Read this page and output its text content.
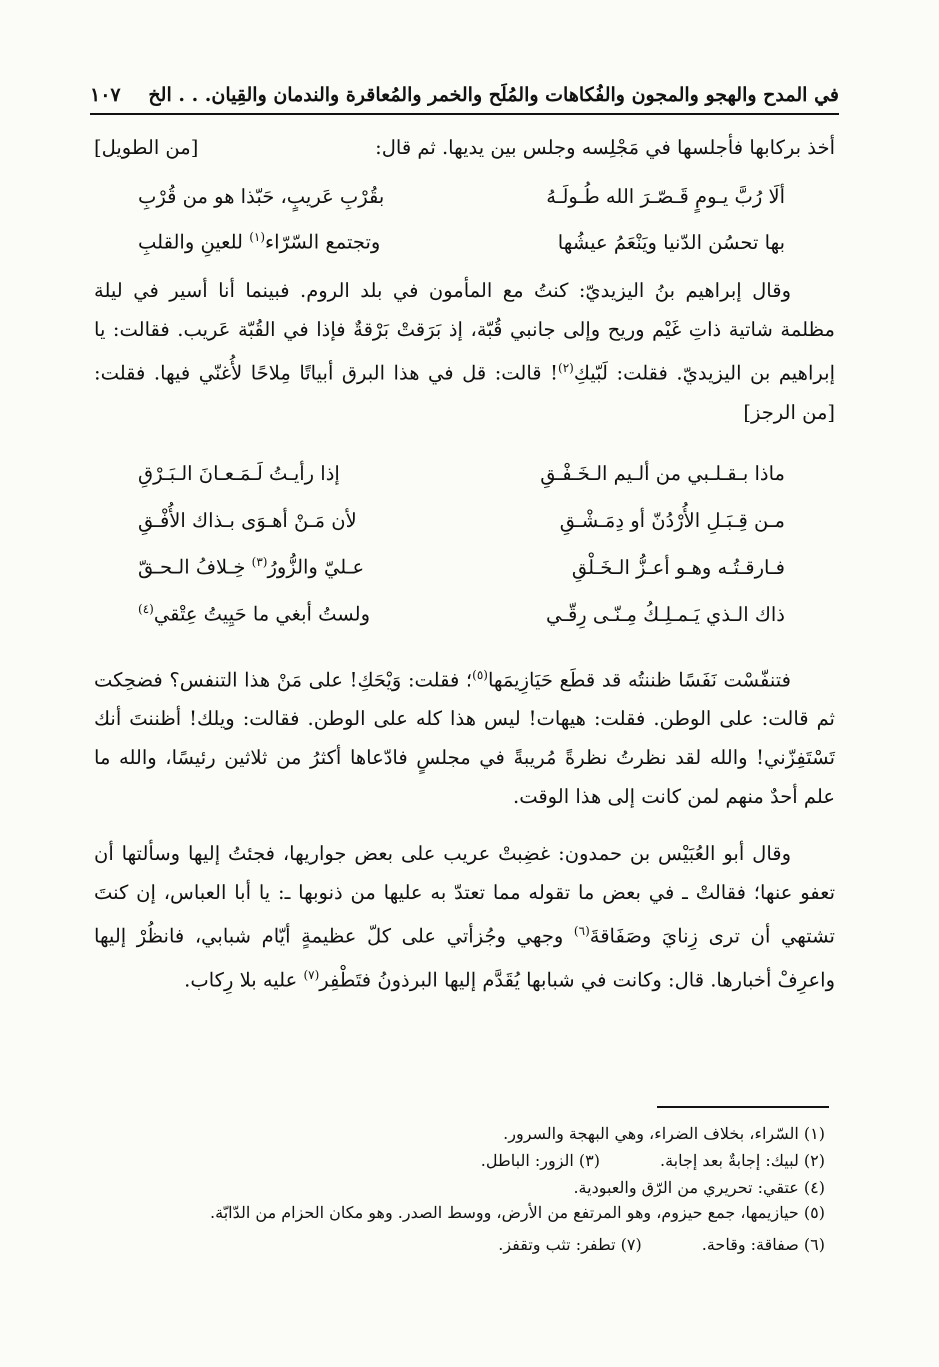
في المدح والهجو والمجون والفُكاهات والمُلَح والخمر والمُعاقرة والندمان والقِيان. . . الخ
١٠٧

أخذ بركابها فأجلسها في مَجْلِسه وجلس بين يديها. ثم قال:
[من الطويل]

ألَا رُبَّ يـومٍ قَـصّـرَ الله طُـولَـهُ
بقُرْبِ عَريبٍ، حَبّذا هو من قُرْبِ
بها تحسُن الدّنيا ويَنْعَمُ عيشُها
وتجتمع السّرّاء$^{(١)}$ للعينِ والقلبِ

وقال إبراهيم بنُ اليزيديّ: كنتُ مع المأمون في بلد الروم. فبينما أنا أسير في ليلة مظلمة شاتية ذاتِ غَيْم وريح وإلى جانبي قُبّة، إذ بَرَقتْ بَرْقةٌ فإذا في القُبّة عَريب. فقالت: يا إبراهيم بن اليزيديّ. فقلت: لَبّيكِ$^{(٢)}$! قالت: قل في هذا البرق أبياتًا مِلاحًا لأُغنّي فيها. فقلت: [من الرجز]

ماذا بـقـلـبي من ألـيم الـخَـفْـقِ
إذا رأيـتُ لَـمَـعـانَ الـبَـرْقِ
مـن قِـبَـلِ الأُرْدُنّ أو دِمَـشْـقِ
لأن مَـنْ أهـوَى بـذاك الأُفْـقِ
فـارقـتُـه وهـو أعـزُّ الـخَـلْقِ
عـليّ والزُّورُ$^{(٣)}$ خِـلافُ الـحـقّ
ذاك الـذي يَـمـلِـكُ مِـنّـى رِقّـي
ولستُ أبغي ما حَيِيتُ عِتْقي$^{(٤)}$

فتنفّسْت نَفَسًا ظننتُه قد قطَع حَيَازِيمَها$^{(٥)}$؛ فقلت: وَيْحَكِ! على مَنْ هذا التنفس؟ فضحِكت ثم قالت: على الوطن. فقلت: هيهات! ليس هذا كله على الوطن. فقالت: ويلك! أظننتَ أنك تَسْتَفِزّني! والله لقد نظرتُ نظرةً مُريبةً في مجلسٍ فادّعاها أكثرُ من ثلاثين رئيسًا، والله ما علم أحدٌ منهم لمن كانت إلى هذا الوقت.

وقال أبو العُبَيْس بن حمدون: غضِبتْ عريب على بعض جواريها، فجئتُ إليها وسألتها أن تعفو عنها؛ فقالتْ ـ في بعض ما تقوله مما تعتدّ به عليها من ذنوبها ـ: يا أبا العباس، إن كنتَ تشتهي أن ترى زِنايَ وصَفَاقةَ$^{(٦)}$ وجهي وجُزأتي على كلّ عظيمةٍ أيّام شبابي، فانظُرْ إليها واعرِفْ أخبارها. قال: وكانت في شبابها يُقَدَّم إليها البرذونُ فتَطْفِر$^{(٧)}$ عليه بلا رِكاب.

(١) السّراء، بخلاف الضراء، وهي البهجة والسرور.
(٢) لبيك: إجابةٌ بعد إجابة.(٣) الزور: الباطل.
(٤) عتقي: تحريري من الرّق والعبودية.
(٥) حيازيمها، جمع حيزوم، وهو المرتفع من الأرض، ووسط الصدر. وهو مكان الحزام من الدّابّة.
(٦) صفاقة: وقاحة.(٧) تطفر: تثب وتقفز.
